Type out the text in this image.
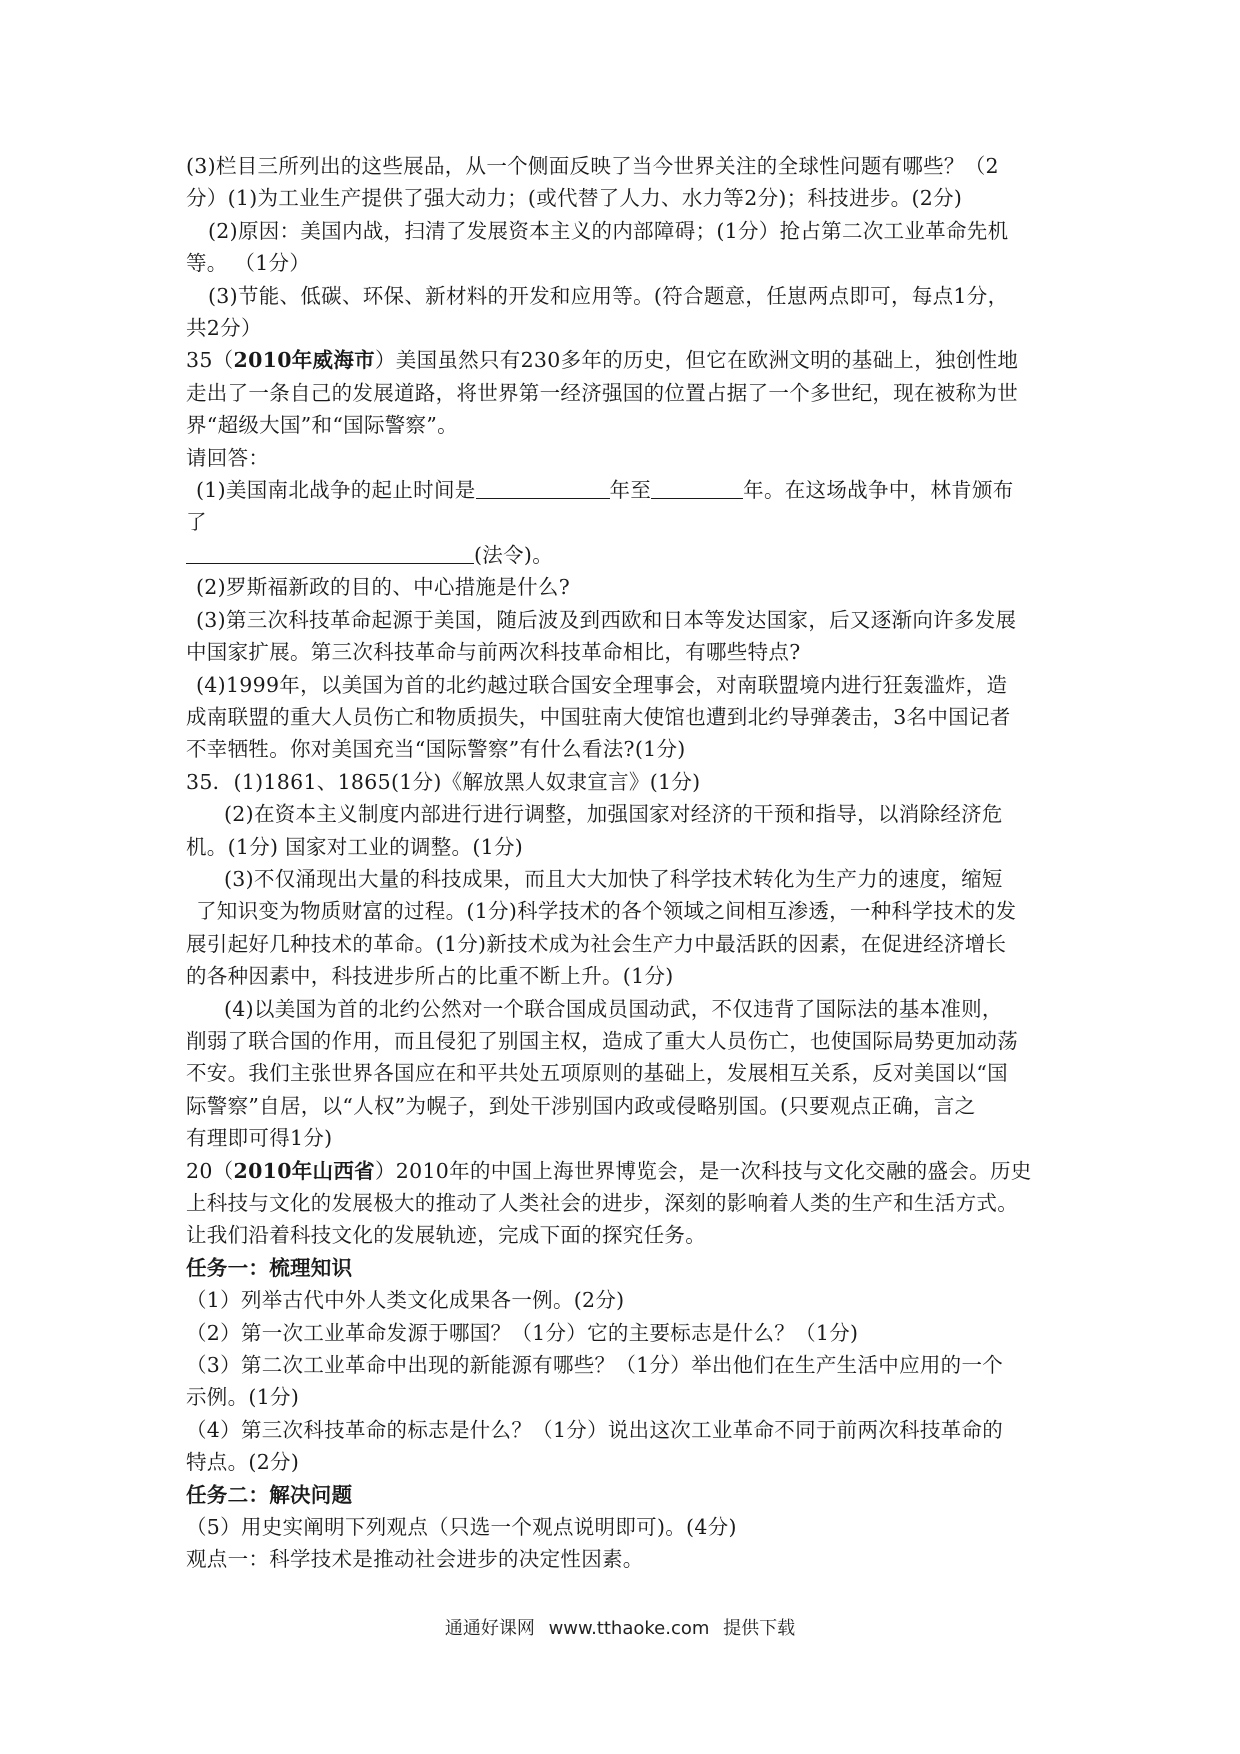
(3)栏目三所列出的这些展品，从一个侧面反映了当今世界关注的全球性问题有哪些？（2

分）(1)为工业生产提供了强大动力；(或代替了人力、水力等2分)；科技进步。(2分)

(2)原因：美国内战，扫清了发展资本主义的内部障碍；(1分）抢占第二次工业革命先机

等。 （1分）

(3)节能、低碳、环保、新材料的开发和应用等。(符合题意，任崽两点即可，每点1分，

共2分）

35（2010年威海市）美国虽然只有230多年的历史，但它在欧洲文明的基础上，独创性地

走出了一条自己的发展道路，将世界第一经济强国的位置占据了一个多世纪，现在被称为世

界“超级大国”和“国际警察”。

请回答：

(1)美国南北战争的起止时间是	年至	年。在这场战争中，林肯颁布

了

(法令)。

(2)罗斯福新政的目的、中心措施是什么?

(3)第三次科技革命起源于美国，随后波及到西欧和日本等发达国家，后又逐渐向许多发展

中国家扩展。第三次科技革命与前两次科技革命相比，有哪些特点?

(4)1999年，以美国为首的北约越过联合国安全理事会，对南联盟境内进行狂轰滥炸，造

成南联盟的重大人员伤亡和物质损失，中国驻南大使馆也遭到北约导弹袭击，3名中国记者

不幸牺牲。你对美国充当“国际警察”有什么看法?(1分)

35．(1)1861、1865(1分)《解放黑人奴隶宣言》(1分)

(2)在资本主义制度内部进行进行调整，加强国家对经济的干预和指导，以消除经济危

机。(1分) 国家对工业的调整。(1分)

(3)不仅涌现出大量的科技成果，而且大大加快了科学技术转化为生产力的速度，缩短

了知识变为物质财富的过程。(1分)科学技术的各个领域之间相互渗透，一种科学技术的发

展引起好几种技术的革命。(1分)新技术成为社会生产力中最活跃的因素，在促进经济增长

的各种因素中，科技进步所占的比重不断上升。(1分)

(4)以美国为首的北约公然对一个联合国成员国动武，不仅违背了国际法的基本准则，

削弱了联合国的作用，而且侵犯了别国主权，造成了重大人员伤亡，也使国际局势更加动荡

不安。我们主张世界各国应在和平共处五项原则的基础上，发展相互关系，反对美国以“国

际警察”自居，以“人权”为幌子，到处干涉别国内政或侵略别国。(只要观点正确，言之

有理即可得1分)

20（2010年山西省）2010年的中国上海世界博览会，是一次科技与文化交融的盛会。历史

上科技与文化的发展极大的推动了人类社会的进步，深刻的影响着人类的生产和生活方式。

让我们沿着科技文化的发展轨迹，完成下面的探究任务。

任务一：梳理知识

（1）列举古代中外人类文化成果各一例。(2分)

（2）第一次工业革命发源于哪国？（1分）它的主要标志是什么？（1分)

（3）第二次工业革命中出现的新能源有哪些？（1分）举出他们在生产生活中应用的一个

示例。(1分)

（4）第三次科技革命的标志是什么？（1分）说出这次工业革命不同于前两次科技革命的

特点。(2分)

任务二：解决问题

（5）用史实阐明下列观点（只选一个观点说明即可)。(4分)

观点一：科学技术是推动社会进步的决定性因素。

通通好课网 www.tthaoke.com 提供下载
